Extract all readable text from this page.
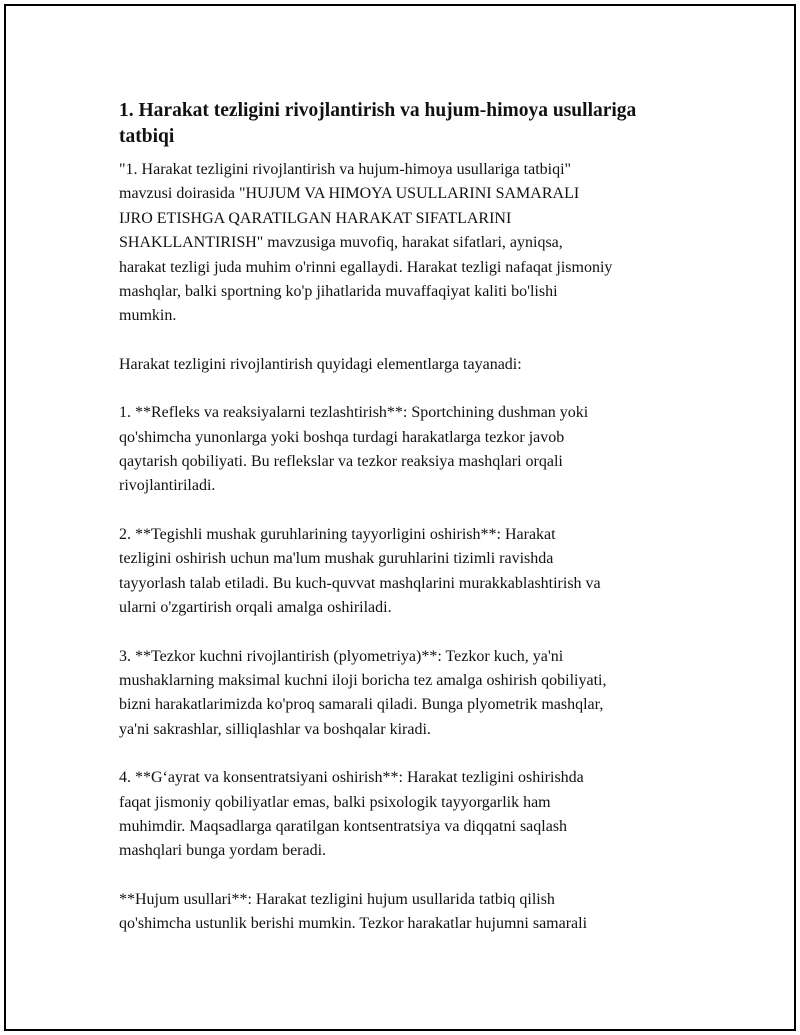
1. Harakat tezligini rivojlantirish va hujum-himoya usullariga
tatbiqi

"1. Harakat tezligini rivojlantirish va hujum-himoya usullariga tatbiqi"
mavzusi doirasida "HUJUM VA HIMOYA USULLARINI SAMARALI
IJRO ETISHGA QARATILGAN HARAKAT SIFATLARINI
SHAKLLANTIRISH" mavzusiga muvofiq, harakat sifatlari, ayniqsa,
harakat tezligi juda muhim o'rinni egallaydi. Harakat tezligi nafaqat jismoniy
mashqlar, balki sportning ko'p jihatlarida muvaffaqiyat kaliti bo'lishi
mumkin.

Harakat tezligini rivojlantirish quyidagi elementlarga tayanadi:

1. **Refleks va reaksiyalarni tezlashtirish**: Sportchining dushman yoki
qo'shimcha yunonlarga yoki boshqa turdagi harakatlarga tezkor javob
qaytarish qobiliyati. Bu reflekslar va tezkor reaksiya mashqlari orqali
rivojlantiriladi.

2. **Tegishli mushak guruhlarining tayyorligini oshirish**: Harakat
tezligini oshirish uchun ma'lum mushak guruhlarini tizimli ravishda
tayyorlash talab etiladi. Bu kuch-quvvat mashqlarini murakkablashtirish va
ularni o'zgartirish orqali amalga oshiriladi.

3. **Tezkor kuchni rivojlantirish (plyometriya)**: Tezkor kuch, ya'ni
mushaklarning maksimal kuchni iloji boricha tez amalga oshirish qobiliyati,
bizni harakatlarimizda ko'proq samarali qiladi. Bunga plyometrik mashqlar,
ya'ni sakrashlar, silliqlashlar va boshqalar kiradi.

4. **G‘ayrat va konsentratsiyani oshirish**: Harakat tezligini oshirishda
faqat jismoniy qobiliyatlar emas, balki psixologik tayyorgarlik ham
muhimdir. Maqsadlarga qaratilgan kontsentratsiya va diqqatni saqlash
mashqlari bunga yordam beradi.

**Hujum usullari**: Harakat tezligini hujum usullarida tatbiq qilish
qo'shimcha ustunlik berishi mumkin. Tezkor harakatlar hujumni samarali
